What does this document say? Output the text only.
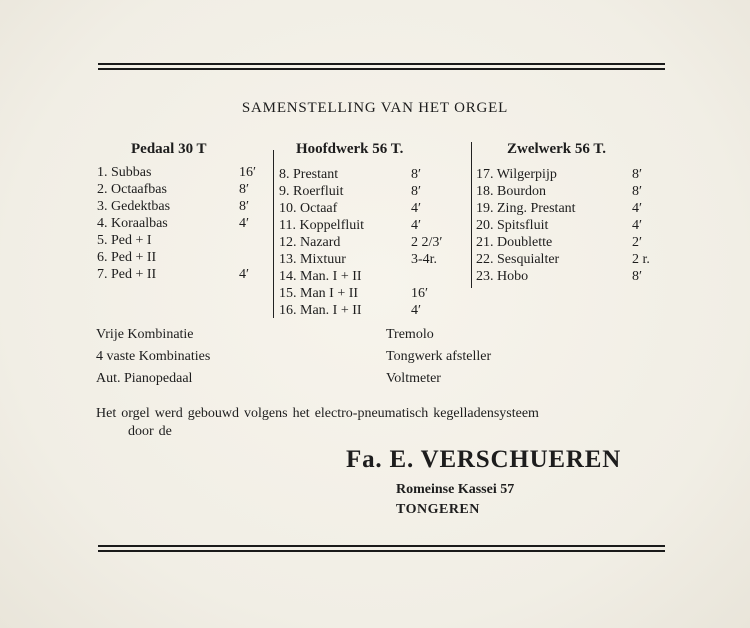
SAMENSTELLING VAN HET ORGEL
Pedaal 30 T	Hoofdwerk 56 T.	Zwelwerk 56 T.
1. Subbas	16′
2. Octaafbas	8′
3. Gedektbas	8′
4. Koraalbas	4′
5. Ped + I
6. Ped + II
7. Ped + II	4′
8. Prestant	8′
9. Roerfluit	8′
10. Octaaf	4′
11. Koppelfluit	4′
12. Nazard	2 2/3′
13. Mixtuur	3-4r.
14. Man. I + II
15. Man I + II	16′
16. Man. I + II	4′
17. Wilgerpijp	8′
18. Bourdon	8′
19. Zing. Prestant	4′
20. Spitsfluit	4′
21. Doublette	2′
22. Sesquialter	2 r.
23. Hobo	8′
Vrije Kombinatie
4 vaste Kombinaties
Aut. Pianopedaal
Tremolo
Tongwerk afsteller
Voltmeter
Het orgel werd gebouwd volgens het electro-pneumatisch kegelladensysteem
door de
Fa. E. VERSCHUEREN
Romeinse Kassei 57
TONGEREN
